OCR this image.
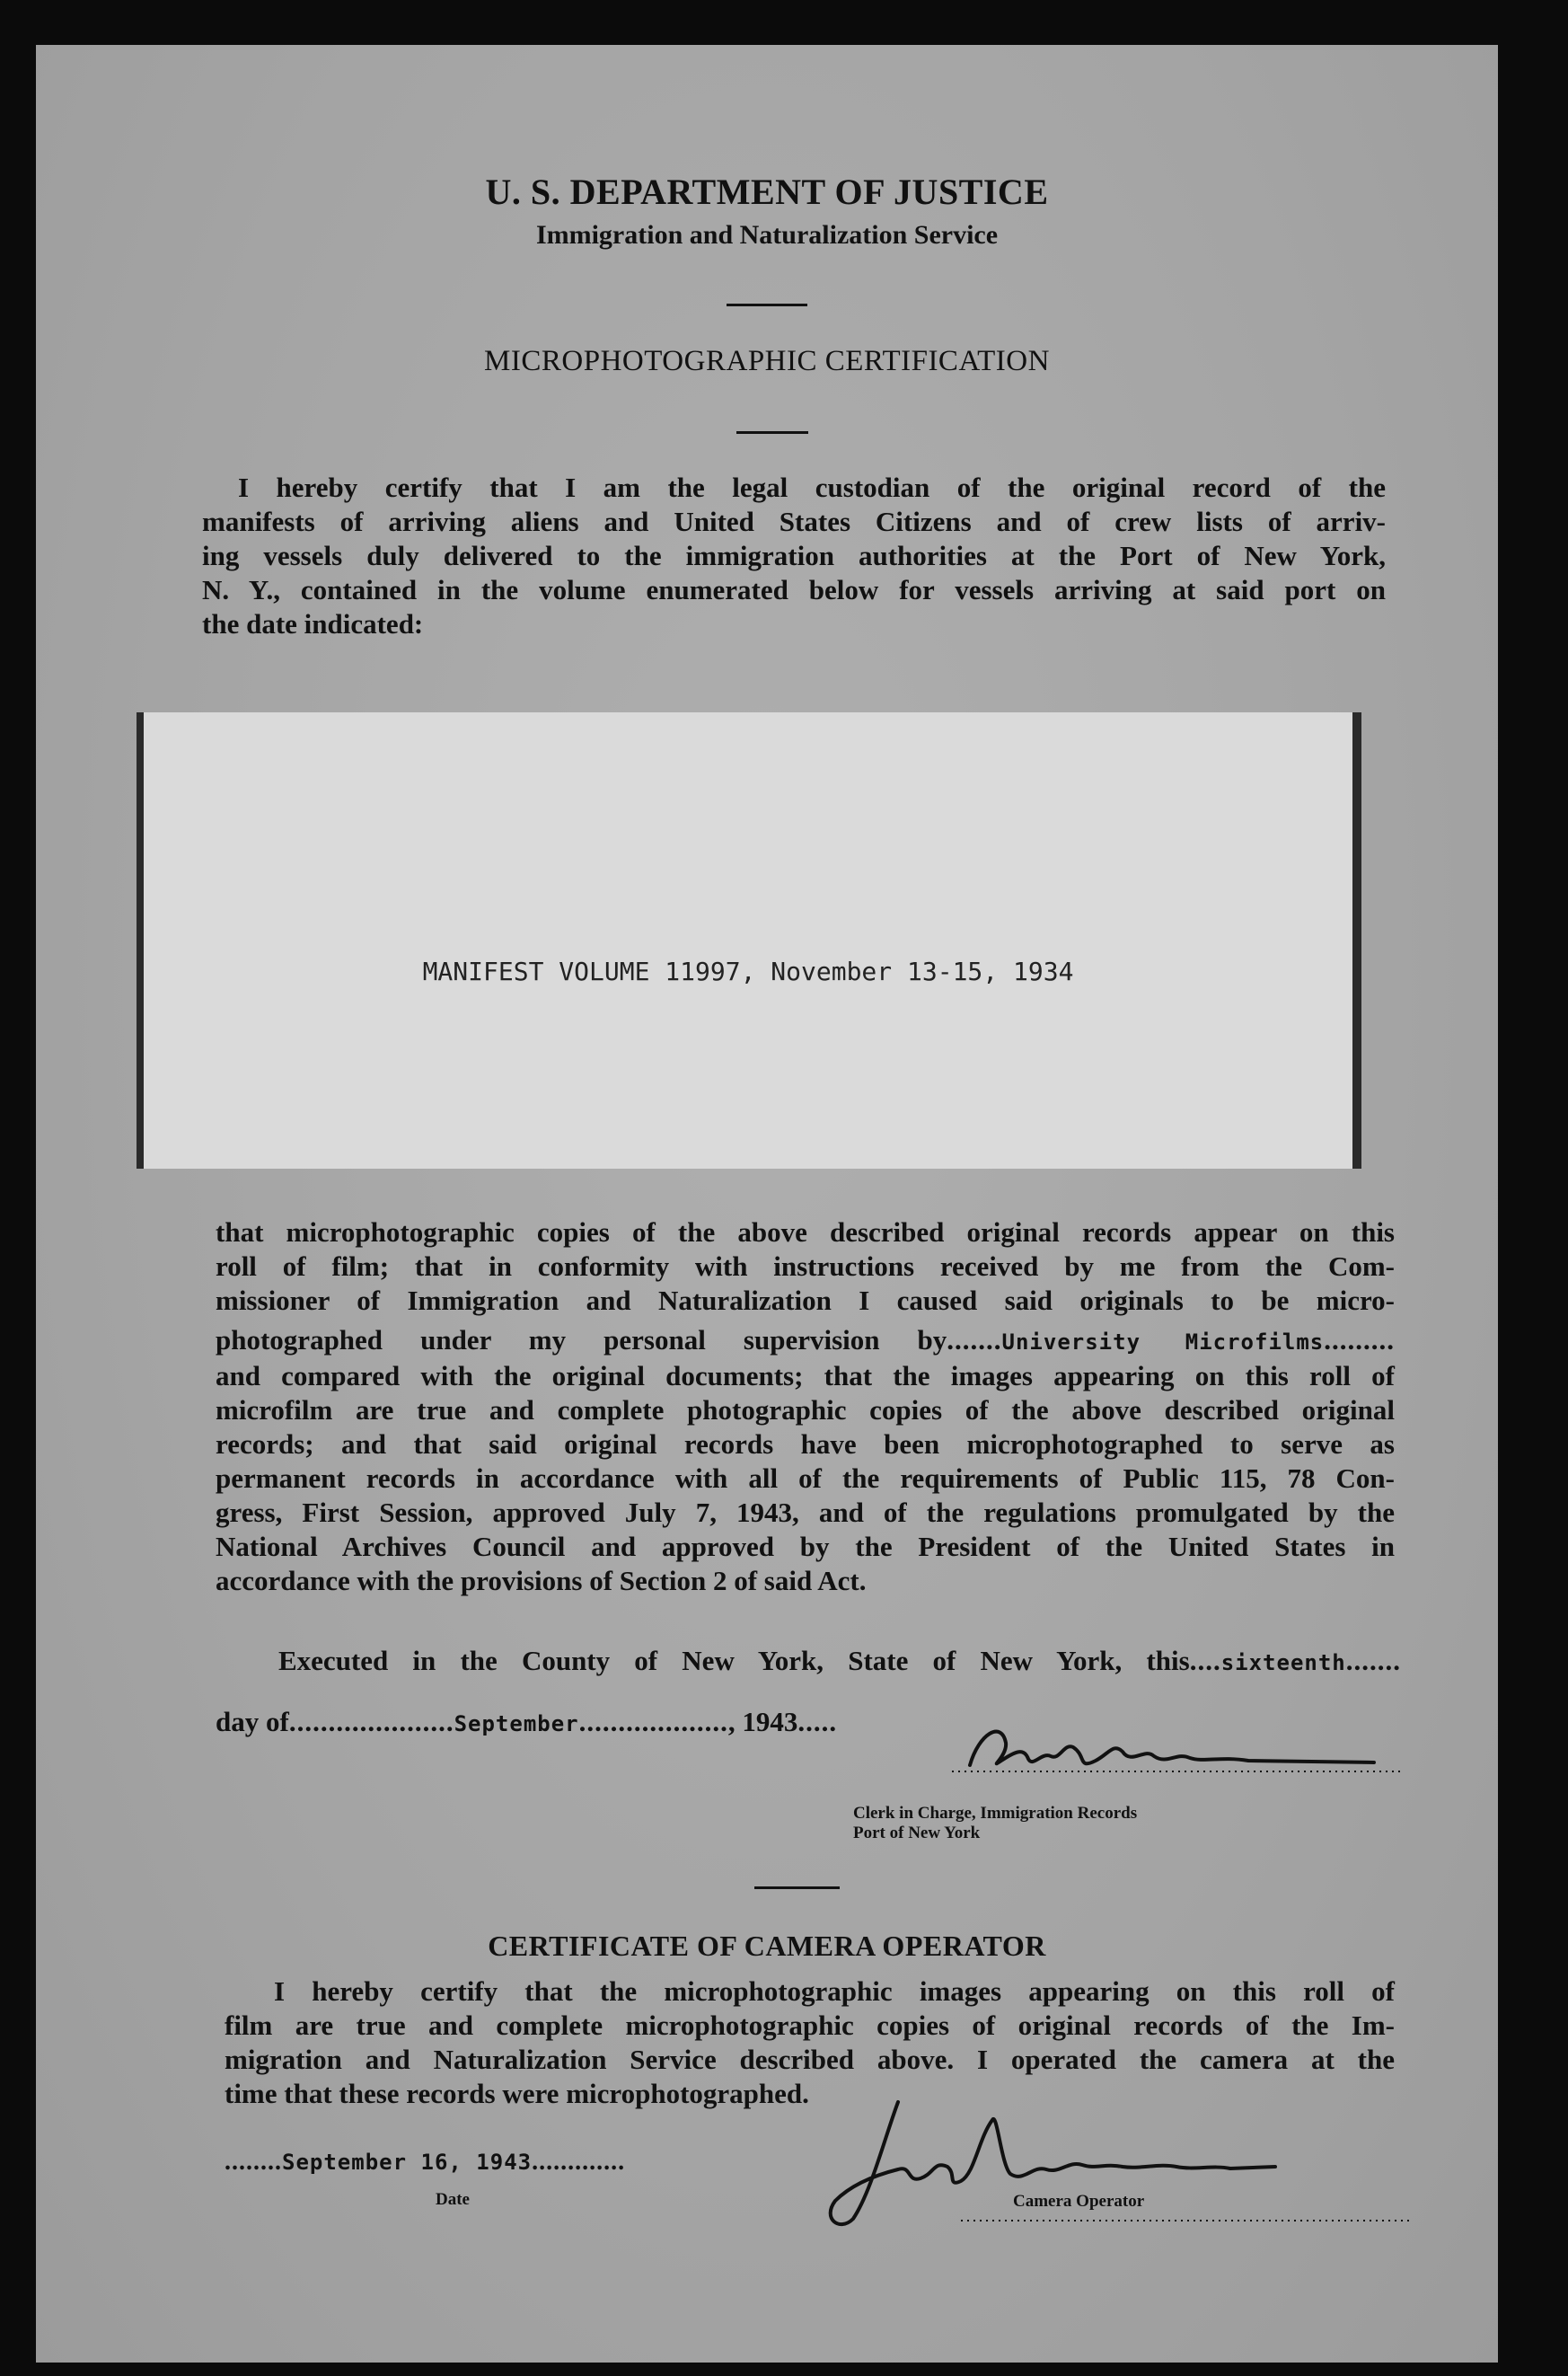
U. S. DEPARTMENT OF JUSTICE
Immigration and Naturalization Service
MICROPHOTOGRAPHIC CERTIFICATION
I hereby certify that I am the legal custodian of the original record of the
manifests of arriving aliens and United States Citizens and of crew lists of arriv-
ing vessels duly delivered to the immigration authorities at the Port of New York,
N. Y., contained in the volume enumerated below for vessels arriving at said port on
the date indicated:
MANIFEST VOLUME 11997, November 13-15, 1934
that microphotographic copies of the above described original records appear on this
roll of film; that in conformity with instructions received by me from the Com-
missioner of Immigration and Naturalization I caused said originals to be micro-
photographed under my personal supervision by.......University Microfilms.........
and compared with the original documents; that the images appearing on this roll of
microfilm are true and complete photographic copies of the above described original
records; and that said original records have been microphotographed to serve as
permanent records in accordance with all of the requirements of Public 115, 78 Con-
gress, First Session, approved July 7, 1943, and of the regulations promulgated by the
National Archives Council and approved by the President of the United States in
accordance with the provisions of Section 2 of said Act.
Executed in the County of New York, State of New York, this....sixteenth.......
day of.....................September..................., 1943.....
Clerk in Charge, Immigration Records
Port of New York
CERTIFICATE OF CAMERA OPERATOR
I hereby certify that the microphotographic images appearing on this roll of
film are true and complete microphotographic copies of original records of the Im-
migration and Naturalization Service described above. I operated the camera at the
time that these records were microphotographed.
........September 16, 1943.............
Date	Camera Operator
